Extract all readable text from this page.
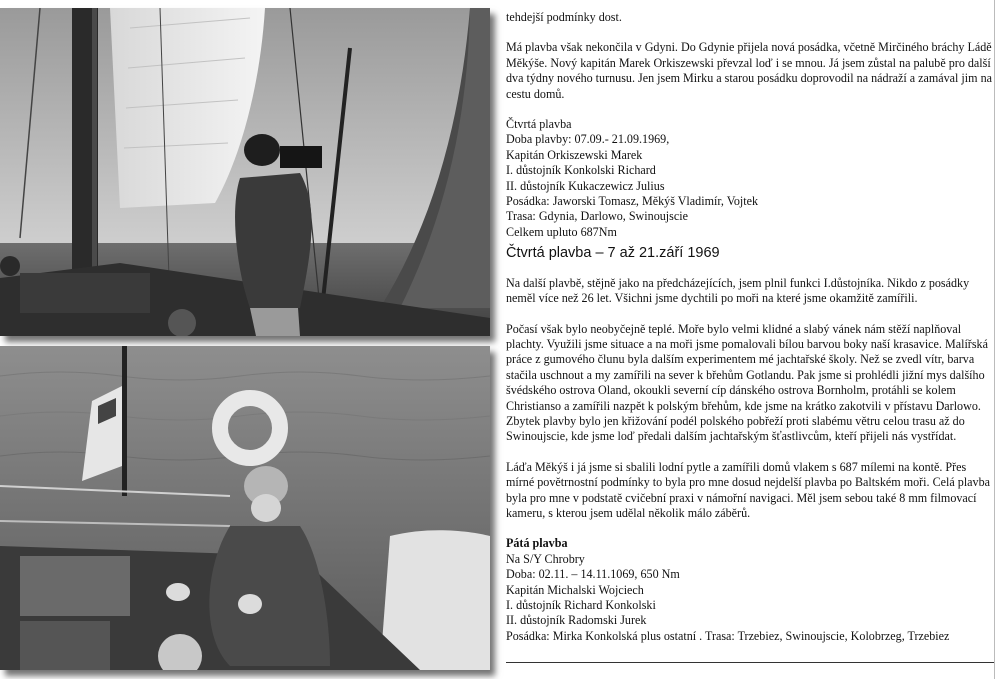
tehdejší podmínky dost.

Má plavba však nekončila v Gdyni. Do Gdynie přijela nová posádka, včetně Mirčiného bráchy Ládě Měkýše. Nový kapitán Marek Orkiszewski převzal loď i se mnou. Já jsem zůstal na palubě pro další dva týdny nového turnusu. Jen jsem Mirku a starou posádku doprovodil na nádraží a zamával jim na cestu domů.

Čtvrtá plavba
Doba plavby: 07.09.- 21.09.1969,
Kapitán Orkiszewski Marek
I. důstojník Konkolski Richard
II. důstojník Kukaczewicz Julius
Posádka: Jaworski Tomasz, Měkýš Vladimír, Vojtek
Trasa: Gdynia, Darlowo, Swinoujscie
Celkem upluto 687Nm
Čtvrtá plavba – 7 až 21.září 1969

Na další plavbě, stějně jako na předcházejících, jsem plnil funkci I.důstojníka. Nikdo z posádky neměl více než 26 let. Všichni jsme dychtili po moři na které jsme okamžitě zamířili.

Počasí však bylo neobyčejně teplé. Moře bylo velmi klidné a slabý vánek nám stěží naplňoval plachty. Využili jsme situace a na moři jsme pomalovali bílou barvou boky naší krasavice. Malířská práce z gumového člunu byla dalším experimentem mé jachtařské školy. Než se zvedl vítr, barva stačila uschnout a my zamířili na sever k břehům Gotlandu. Pak jsme si prohlédli jižní mys dalšího švédského ostrova Oland, okoukli severní cíp dánského ostrova Bornholm, protáhli se kolem Christianso a zamířili nazpět k polským břehům, kde jsme na krátko zakotvili v přístavu Darlowo. Zbytek plavby bylo jen křižování podél polského pobřeží proti slabému větru celou trasu až do Swinoujscie, kde jsme loď předali dalším jachtařským šťastlivcům, kteří přijeli nás vystřídat.

Láďa Měkýš i já jsme si sbalili lodní pytle a zamířili domů vlakem s 687 mílemi na kontě. Přes mírné povětrnostní podmínky to byla pro mne dosud nejdelší plavba po Baltském moři. Celá plavba byla pro mne v podstatě cvičební praxi v námořní navigaci. Měl jsem sebou také 8 mm filmovací kameru, s kterou jsem udělal několik málo záběrů.

Pátá plavba
Na S/Y Chrobry
Doba: 02.11. – 14.11.1069, 650 Nm
Kapitán Michalski Wojciech
I. důstojník Richard Konkolski
II. důstojník Radomski Jurek
Posádka: Mirka Konkolská plus ostatní . Trasa: Trzebiez, Swinoujscie, Kolobrzeg, Trzebiez
